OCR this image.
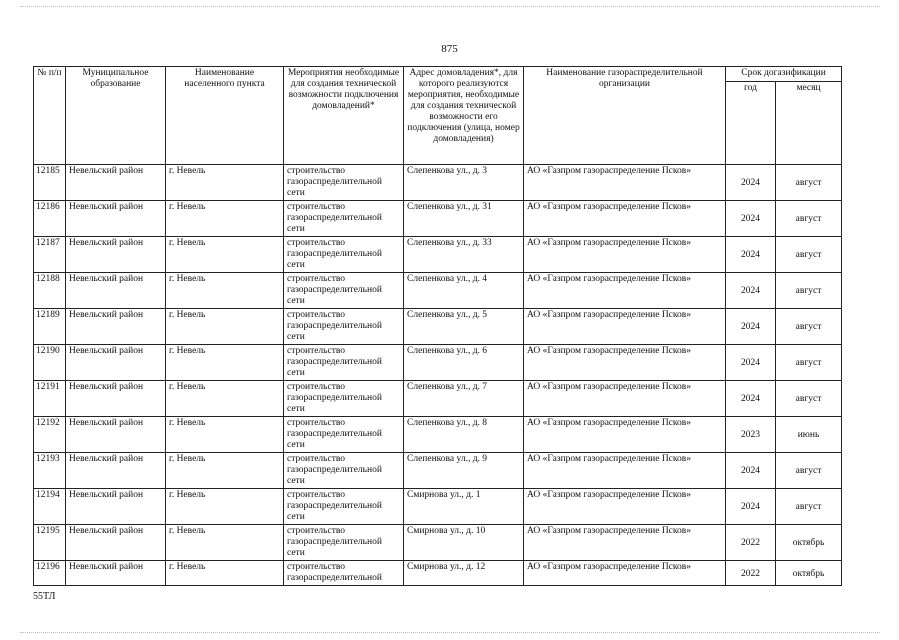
875
№ п/п	Муниципальное образование	Наименование населенного пункта	Мероприятия необходимые для создания технической возможности подключения домовладений*	Адрес домовладения*, для которого реализуются мероприятия, необходимые для создания технической возможности его подключения (улица, номер домовладения)	Наименование газораспределительной организации	Срок догазификации	
						год	месяц
12185	Невельский район	г. Невель	строительство газораспределительной сети	Слепенкова ул., д. 3	АО «Газпром газораспределение Псков»	2024	август
12186	Невельский район	г. Невель	строительство газораспределительной сети	Слепенкова ул., д. 31	АО «Газпром газораспределение Псков»	2024	август
12187	Невельский район	г. Невель	строительство газораспределительной сети	Слепенкова ул., д. 33	АО «Газпром газораспределение Псков»	2024	август
12188	Невельский район	г. Невель	строительство газораспределительной сети	Слепенкова ул., д. 4	АО «Газпром газораспределение Псков»	2024	август
12189	Невельский район	г. Невель	строительство газораспределительной сети	Слепенкова ул., д. 5	АО «Газпром газораспределение Псков»	2024	август
12190	Невельский район	г. Невель	строительство газораспределительной сети	Слепенкова ул., д. 6	АО «Газпром газораспределение Псков»	2024	август
12191	Невельский район	г. Невель	строительство газораспределительной сети	Слепенкова ул., д. 7	АО «Газпром газораспределение Псков»	2024	август
12192	Невельский район	г. Невель	строительство газораспределительной сети	Слепенкова ул., д. 8	АО «Газпром газораспределение Псков»	2023	июнь
12193	Невельский район	г. Невель	строительство газораспределительной сети	Слепенкова ул., д. 9	АО «Газпром газораспределение Псков»	2024	август
12194	Невельский район	г. Невель	строительство газораспределительной сети	Смирнова ул., д. 1	АО «Газпром газораспределение Псков»	2024	август
12195	Невельский район	г. Невель	строительство газораспределительной сети	Смирнова ул., д. 10	АО «Газпром газораспределение Псков»	2022	октябрь
12196	Невельский район	г. Невель	строительство газораспределительной	Смирнова ул., д. 12	АО «Газпром газораспределение Псков»	2022	октябрь
55ТЛ
